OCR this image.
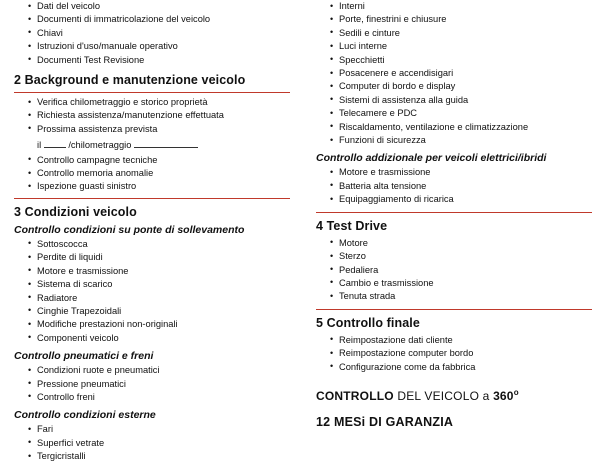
• Dati del veicolo
• Documenti di immatricolazione del veicolo
• Chiavi
• Istruzioni d'uso/manuale operativo
• Documenti Test Revisione
2 Background e manutenzione veicolo
• Verifica chilometraggio e storico proprietà
• Richiesta assistenza/manutenzione effettuata
• Prossima assistenza prevista
il	/chilometraggio
• Controllo campagne tecniche
• Controllo memoria anomalie
• Ispezione guasti sinistro
3 Condizioni veicolo
Controllo condizioni su ponte di sollevamento
• Sottoscocca
• Perdite di liquidi
• Motore e trasmissione
• Sistema di scarico
• Radiatore
• Cinghie Trapezoidali
• Modifiche prestazioni non-originali
• Componenti veicolo
Controllo pneumatici e freni
• Condizioni ruote e pneumatici
• Pressione pneumatici
• Controllo freni
Controllo condizioni esterne
• Fari
• Superfici vetrate
• Tergicristalli
• Interni
• Porte, finestrini e chiusure
• Sedili e cinture
• Luci interne
• Specchietti
• Posacenere e accendisigari
• Computer di bordo e display
• Sistemi di assistenza alla guida
• Telecamere e PDC
• Riscaldamento, ventilazione e climatizzazione
• Funzioni di sicurezza
Controllo addizionale per veicoli elettrici/ibridi
• Motore e trasmissione
• Batteria alta tensione
• Equipaggiamento di ricarica
4 Test Drive
• Motore
• Sterzo
• Pedaliera
• Cambio e trasmissione
• Tenuta strada
5 Controllo finale
• Reimpostazione dati cliente
• Reimpostazione computer bordo
• Configurazione come da fabbrica
CONTROLLO DEL VEICOLO a 360$^o$
12 MESi DI GARANZIA
